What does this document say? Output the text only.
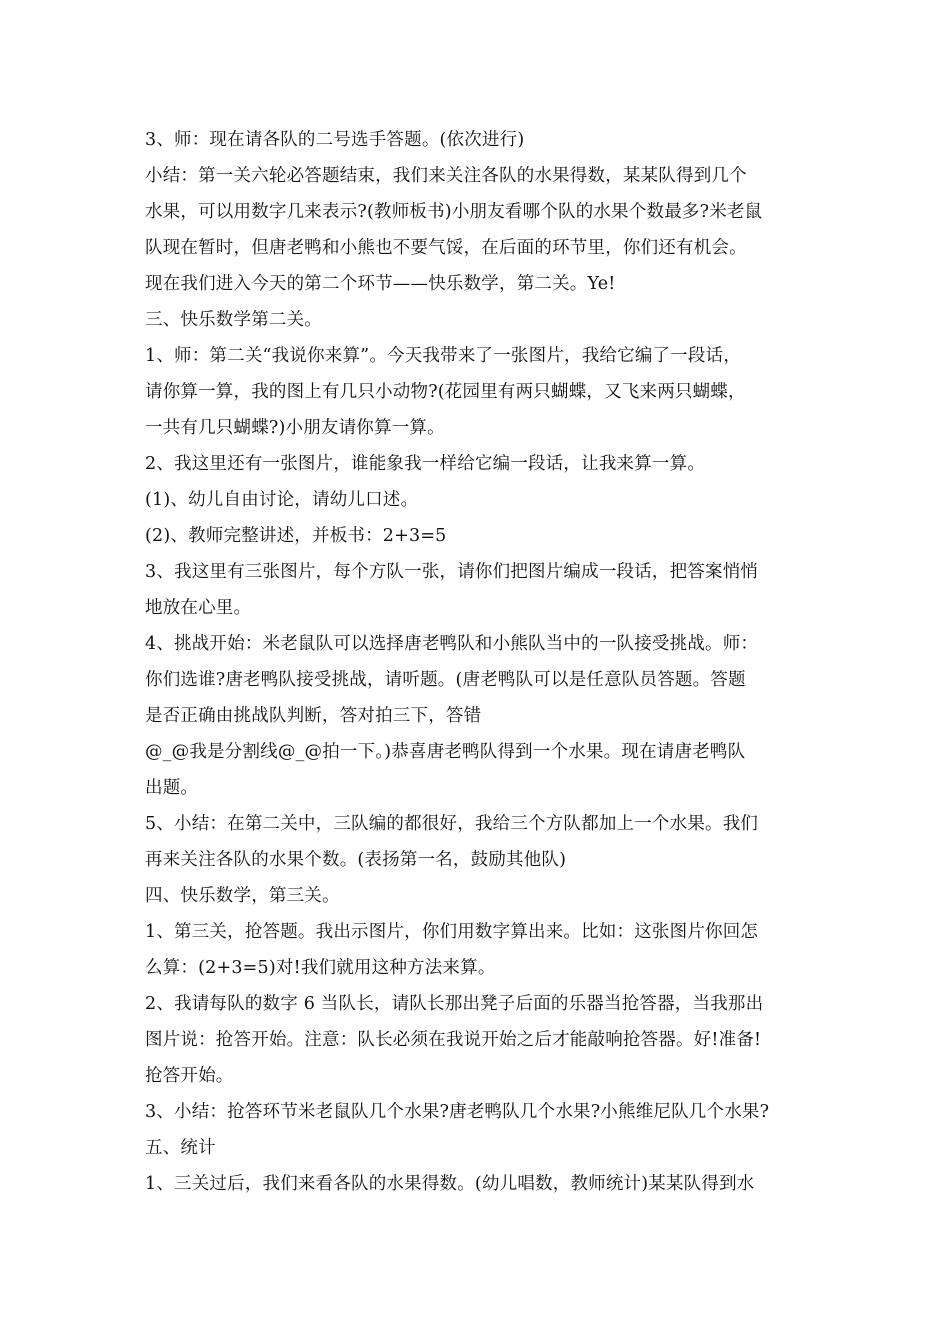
3、师：现在请各队的二号选手答题。(依次进行)

小结：第一关六轮必答题结束，我们来关注各队的水果得数，某某队得到几个

水果，可以用数字几来表示?(教师板书)小朋友看哪个队的水果个数最多?米老鼠

队现在暂时，但唐老鸭和小熊也不要气馁，在后面的环节里，你们还有机会。

现在我们进入今天的第二个环节——快乐数学，第二关。Ye!

三、快乐数学第二关。

1、师：第二关“我说你来算”。今天我带来了一张图片，我给它编了一段话，

请你算一算，我的图上有几只小动物?(花园里有两只蝴蝶，又飞来两只蝴蝶，

一共有几只蝴蝶?)小朋友请你算一算。

2、我这里还有一张图片，谁能象我一样给它编一段话，让我来算一算。

(1)、幼儿自由讨论，请幼儿口述。

(2)、教师完整讲述，并板书：2+3=5

3、我这里有三张图片，每个方队一张，请你们把图片编成一段话，把答案悄悄

地放在心里。

4、挑战开始：米老鼠队可以选择唐老鸭队和小熊队当中的一队接受挑战。师：

你们选谁?唐老鸭队接受挑战，请听题。(唐老鸭队可以是任意队员答题。答题

是否正确由挑战队判断，答对拍三下，答错

@_@我是分割线@_@拍一下。)恭喜唐老鸭队得到一个水果。现在请唐老鸭队

出题。

5、小结：在第二关中，三队编的都很好，我给三个方队都加上一个水果。我们

再来关注各队的水果个数。(表扬第一名，鼓励其他队)

四、快乐数学，第三关。

1、第三关，抢答题。我出示图片，你们用数字算出来。比如：这张图片你回怎

么算：(2+3=5)对!我们就用这种方法来算。

2、我请每队的数字 6 当队长，请队长那出凳子后面的乐器当抢答器，当我那出

图片说：抢答开始。注意：队长必须在我说开始之后才能敲响抢答器。好!准备!

抢答开始。

3、小结：抢答环节米老鼠队几个水果?唐老鸭队几个水果?小熊维尼队几个水果?

五、统计

1、三关过后，我们来看各队的水果得数。(幼儿唱数，教师统计)某某队得到水
